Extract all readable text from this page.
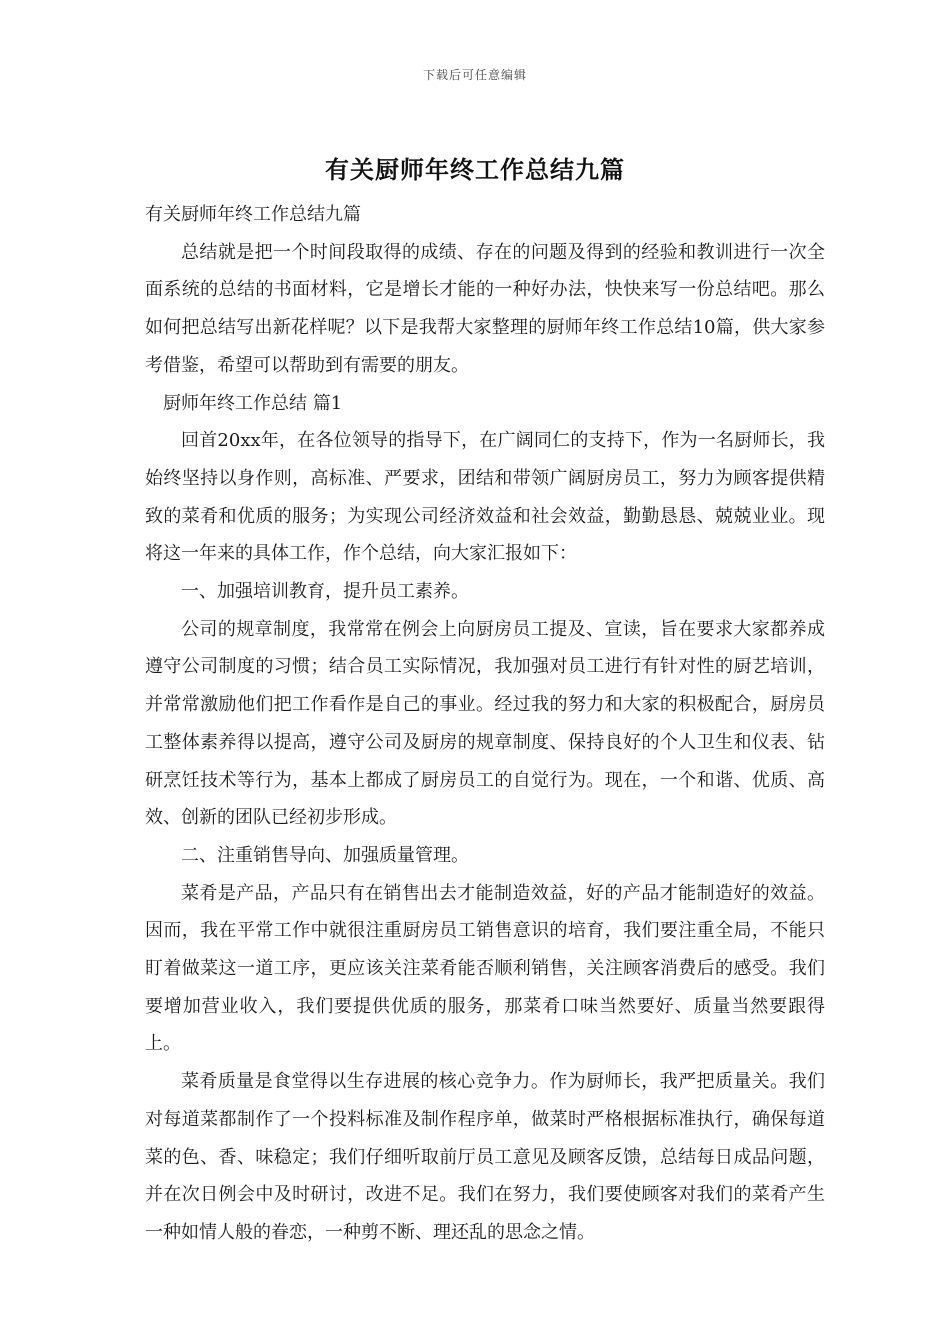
下载后可任意编辑
有关厨师年终工作总结九篇

有关厨师年终工作总结九篇

总结就是把一个时间段取得的成绩、存在的问题及得到的经验和教训进行一次全面系统的总结的书面材料，它是增长才能的一种好办法，快快来写一份总结吧。那么如何把总结写出新花样呢？以下是我帮大家整理的厨师年终工作总结10篇，供大家参考借鉴，希望可以帮助到有需要的朋友。

厨师年终工作总结 篇1

回首20xx年，在各位领导的指导下，在广阔同仁的支持下，作为一名厨师长，我始终坚持以身作则，高标准、严要求，团结和带领广阔厨房员工，努力为顾客提供精致的菜肴和优质的服务；为实现公司经济效益和社会效益，勤勤恳恳、兢兢业业。现将这一年来的具体工作，作个总结，向大家汇报如下：

一、加强培训教育，提升员工素养。

公司的规章制度，我常常在例会上向厨房员工提及、宣读，旨在要求大家都养成遵守公司制度的习惯；结合员工实际情况，我加强对员工进行有针对性的厨艺培训，并常常激励他们把工作看作是自己的事业。经过我的努力和大家的积极配合，厨房员工整体素养得以提高，遵守公司及厨房的规章制度、保持良好的个人卫生和仪表、钻研烹饪技术等行为，基本上都成了厨房员工的自觉行为。现在，一个和谐、优质、高效、创新的团队已经初步形成。

二、注重销售导向、加强质量管理。

菜肴是产品，产品只有在销售出去才能制造效益，好的产品才能制造好的效益。因而，我在平常工作中就很注重厨房员工销售意识的培育，我们要注重全局，不能只盯着做菜这一道工序，更应该关注菜肴能否顺利销售，关注顾客消费后的感受。我们要增加营业收入，我们要提供优质的服务，那菜肴口味当然要好、质量当然要跟得上。

菜肴质量是食堂得以生存进展的核心竞争力。作为厨师长，我严把质量关。我们对每道菜都制作了一个投料标准及制作程序单，做菜时严格根据标准执行，确保每道菜的色、香、味稳定；我们仔细听取前厅员工意见及顾客反馈，总结每日成品问题，并在次日例会中及时研讨，改进不足。我们在努力，我们要使顾客对我们的菜肴产生一种如情人般的眷恋，一种剪不断、理还乱的思念之情。
